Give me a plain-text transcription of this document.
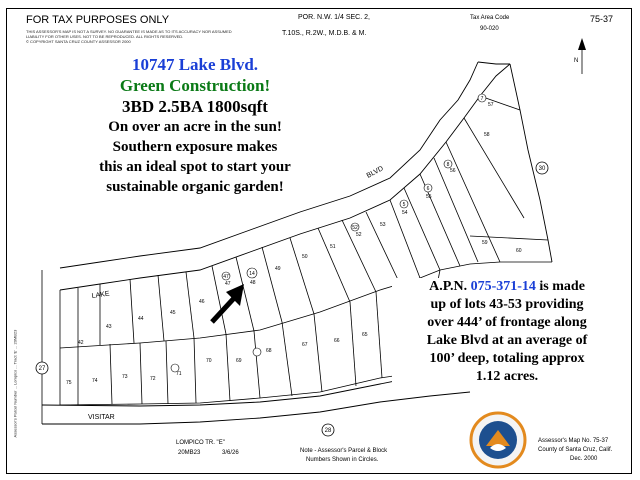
FOR TAX PURPOSES ONLY
THIS ASSESSOR'S MAP IS NOT A SURVEY. NO GUARANTEE IS MADE AS TO ITS ACCURACY NOR ASSUMED
LIABILITY FOR OTHER USES. NOT TO BE REPRODUCED. ALL RIGHTS RESERVED.
© COPYRIGHT SANTA CRUZ COUNTY ASSESSOR 2000
POR. N.W. 1/4 SEC. 2,
T.10S., R.2W., M.D.B. & M.
Tax Area Code
90-020
75-37
N
LAKE
BLVD
VISITAR
27
28
30
42
43
44
45
46
47	48
49
50
51
52
53
54
55
56
57
58
59
60
75	74
73	72
71
70	69
68
67
66
65
14
47
52
8
7
6
5
10747 Lake Blvd.
Green Construction!
3BD 2.5BA 1800sqft
On over an acre in the sun!
Southern exposure makes
this an ideal spot to start your
sustainable organic garden!
A.P.N. 075-371-14 is made
up of lots 43-53 providing
over 444’ of frontage along
Lake Blvd at an average of
100’ deep, totaling approx
1.12 acres.
Assessor's Parcel Number ... Lompico ... Tract 'E' ... 20MB23
LOMPICO TR. "E"
20MB23	3/6/26	Note - Assessor's Parcel & Block
Numbers Shown in Circles.
Assessor's Map No. 75-37
County of Santa Cruz, Calif.
Dec. 2000
